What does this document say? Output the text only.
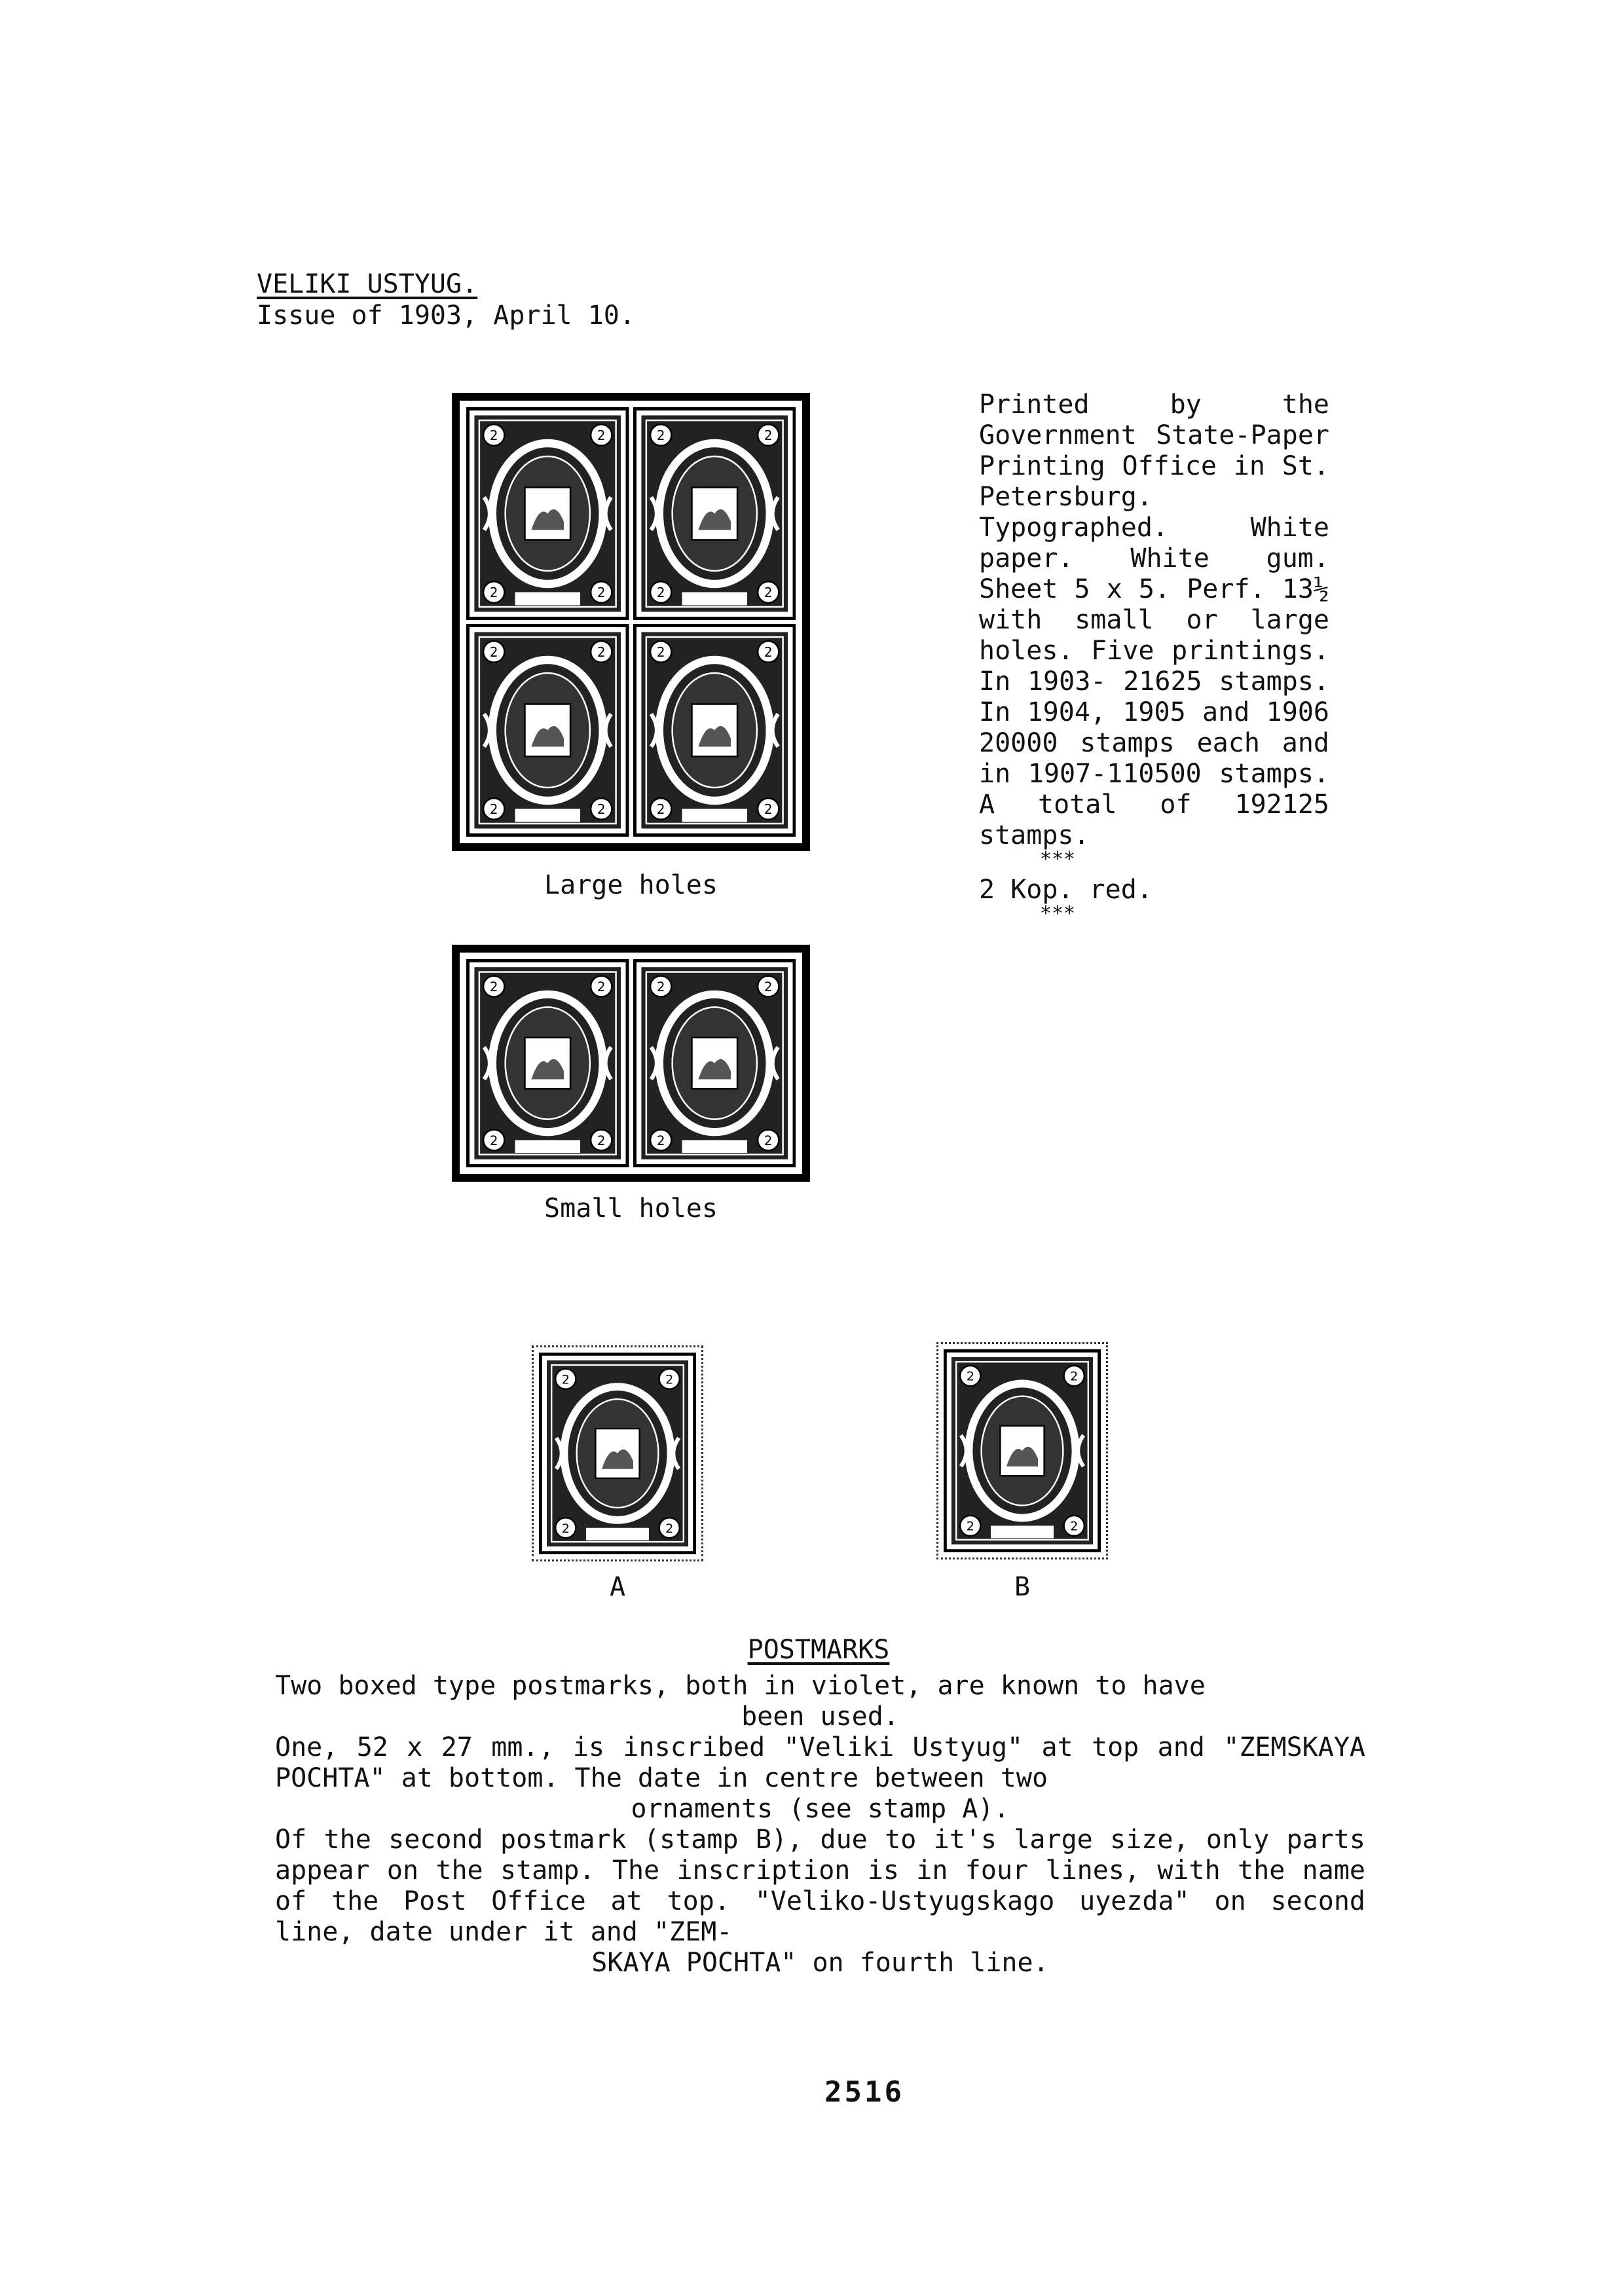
VELIKI USTYUG.
Issue of 1903, April 10.
Large holes
Small holes
A	B

Printed by the Government State-Paper Printing Office in St. Petersburg. Typographed. White paper. White gum. Sheet 5 x 5. Perf. 13½ with small or large holes. Five printings. In 1903- 21625 stamps. In 1904, 1905 and 1906 20000 stamps each and in 1907-110500 stamps. A total of 192125 stamps.

***

2 Kop. red.

***

POSTMARKS

Two boxed type postmarks, both in violet, are known to have

been used.

One, 52 x 27 mm., is inscribed "Veliki Ustyug" at top and "ZEMSKAYA POCHTA" at bottom. The date in centre between two

ornaments (see stamp A).

Of the second postmark (stamp B), due to it's large size, only parts appear on the stamp. The inscription is in four lines, with the name of the Post Office at top. "Veliko-Ustyugskago uyezda" on second line, date under it and "ZEM-

SKAYA POCHTA" on fourth line.

2516
